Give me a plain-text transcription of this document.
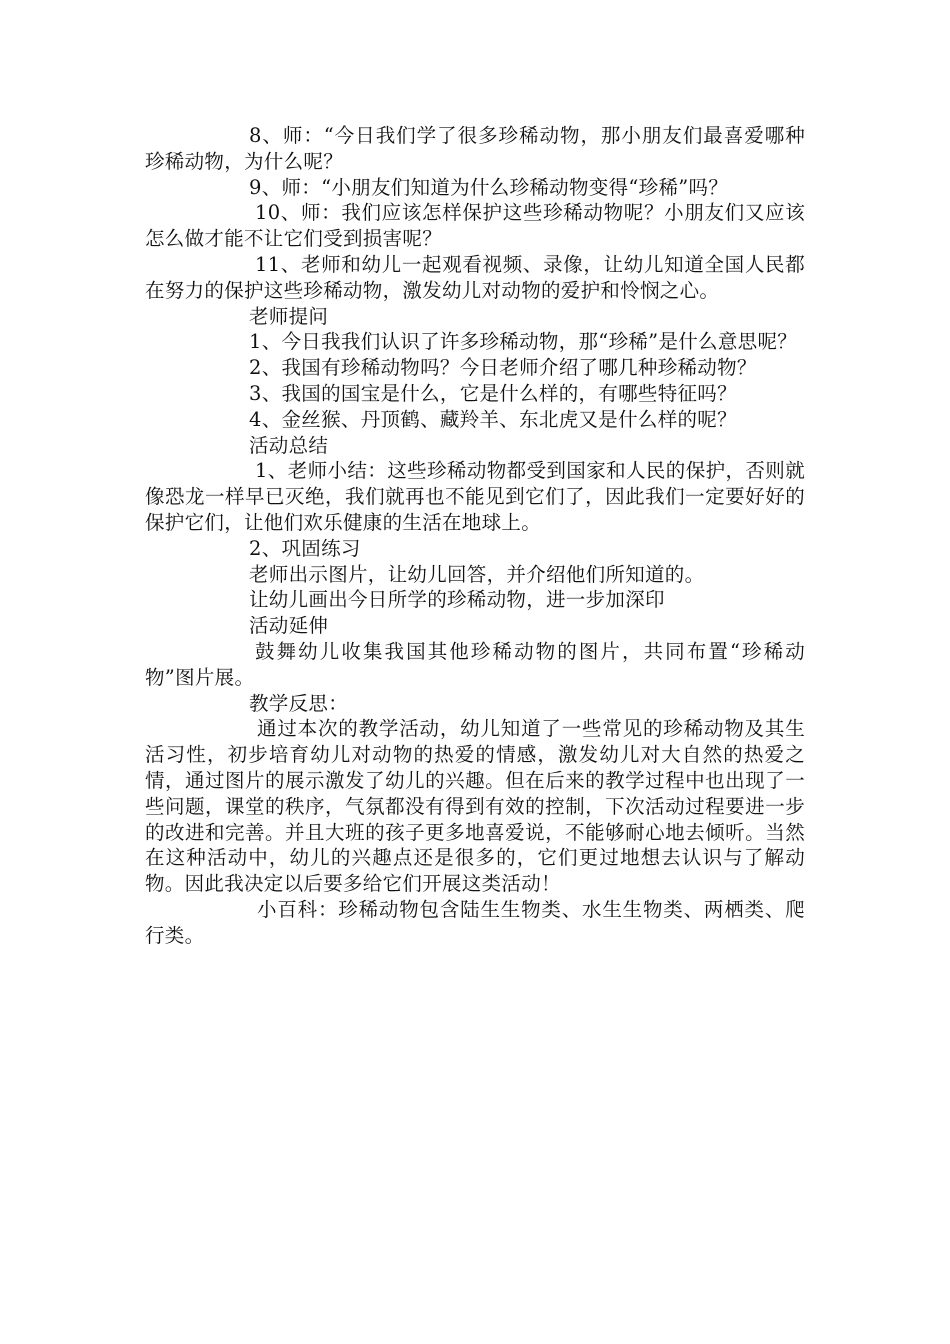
8、师：“今日我们学了很多珍稀动物，那小朋友们最喜爱哪种珍稀动物，为什么呢？

9、师：“小朋友们知道为什么珍稀动物变得“珍稀”吗？

10、师：我们应该怎样保护这些珍稀动物呢？小朋友们又应该怎么做才能不让它们受到损害呢？

11、老师和幼儿一起观看视频、录像，让幼儿知道全国人民都在努力的保护这些珍稀动物，激发幼儿对动物的爱护和怜悯之心。

老师提问

1、今日我我们认识了许多珍稀动物，那“珍稀”是什么意思呢？

2、我国有珍稀动物吗？今日老师介绍了哪几种珍稀动物？

3、我国的国宝是什么，它是什么样的，有哪些特征吗？

4、金丝猴、丹顶鹤、藏羚羊、东北虎又是什么样的呢？

活动总结

1、老师小结：这些珍稀动物都受到国家和人民的保护，否则就像恐龙一样早已灭绝，我们就再也不能见到它们了，因此我们一定要好好的保护它们，让他们欢乐健康的生活在地球上。

2、巩固练习

老师出示图片，让幼儿回答，并介绍他们所知道的。

让幼儿画出今日所学的珍稀动物，进一步加深印

活动延伸

鼓舞幼儿收集我国其他珍稀动物的图片，共同布置“珍稀动物”图片展。

教学反思：

通过本次的教学活动，幼儿知道了一些常见的珍稀动物及其生活习性，初步培育幼儿对动物的热爱的情感，激发幼儿对大自然的热爱之情，通过图片的展示激发了幼儿的兴趣。但在后来的教学过程中也出现了一些问题，课堂的秩序，气氛都没有得到有效的控制，下次活动过程要进一步的改进和完善。并且大班的孩子更多地喜爱说，不能够耐心地去倾听。当然在这种活动中，幼儿的兴趣点还是很多的，它们更过地想去认识与了解动物。因此我决定以后要多给它们开展这类活动！

小百科：珍稀动物包含陆生生物类、水生生物类、两栖类、爬行类。
